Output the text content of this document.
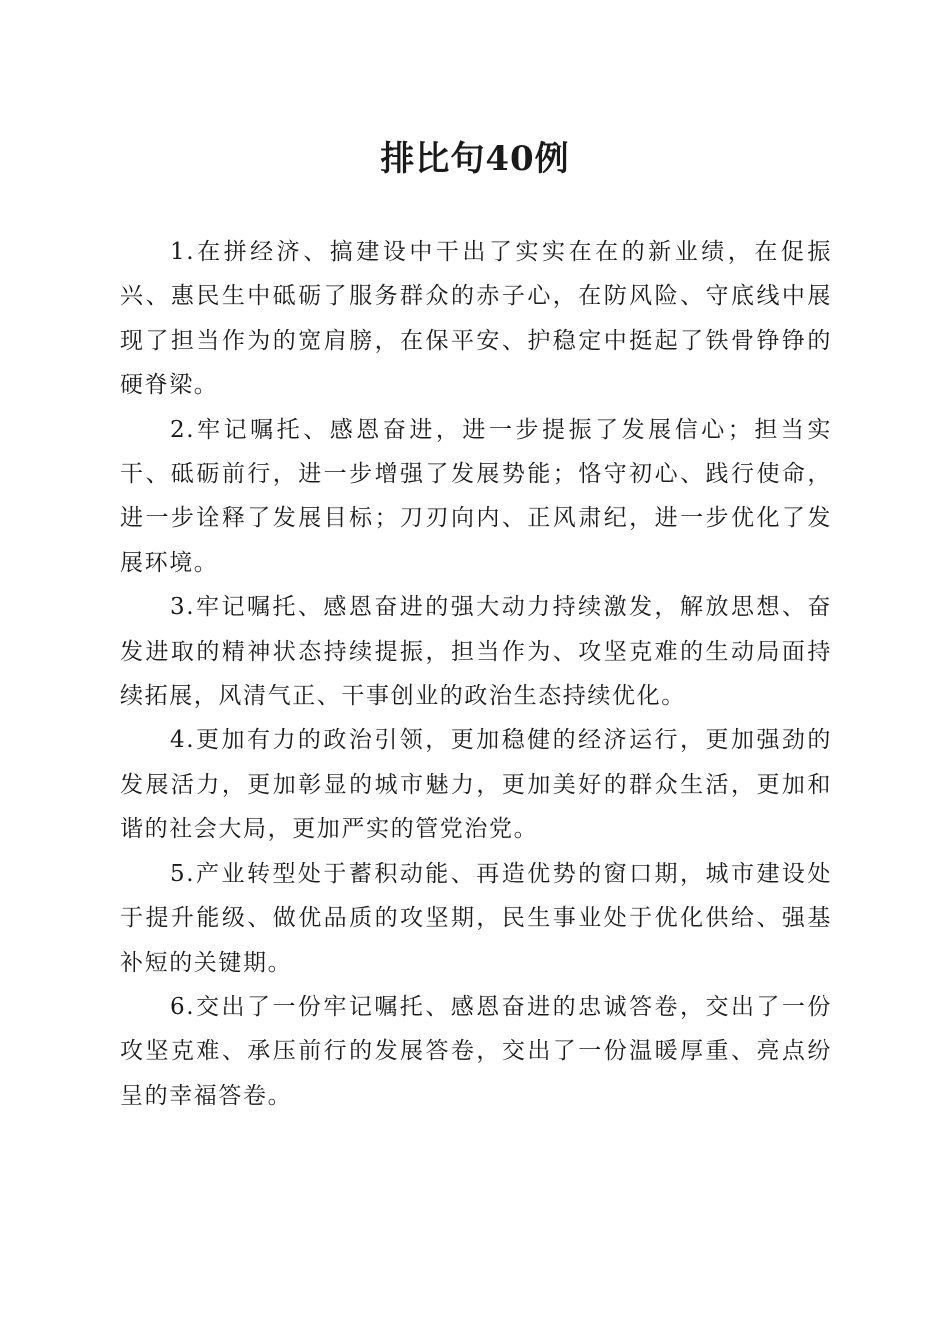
排比句40例

1.在拼经济、搞建设中干出了实实在在的新业绩，在促振兴、惠民生中砥砺了服务群众的赤子心，在防风险、守底线中展现了担当作为的宽肩膀，在保平安、护稳定中挺起了铁骨铮铮的硬脊梁。

2.牢记嘱托、感恩奋进，进一步提振了发展信心；担当实干、砥砺前行，进一步增强了发展势能；恪守初心、践行使命，进一步诠释了发展目标；刀刃向内、正风肃纪，进一步优化了发展环境。

3.牢记嘱托、感恩奋进的强大动力持续激发，解放思想、奋发进取的精神状态持续提振，担当作为、攻坚克难的生动局面持续拓展，风清气正、干事创业的政治生态持续优化。

4.更加有力的政治引领，更加稳健的经济运行，更加强劲的发展活力，更加彰显的城市魅力，更加美好的群众生活，更加和谐的社会大局，更加严实的管党治党。

5.产业转型处于蓄积动能、再造优势的窗口期，城市建设处于提升能级、做优品质的攻坚期，民生事业处于优化供给、强基补短的关键期。

6.交出了一份牢记嘱托、感恩奋进的忠诚答卷，交出了一份攻坚克难、承压前行的发展答卷，交出了一份温暖厚重、亮点纷呈的幸福答卷。
